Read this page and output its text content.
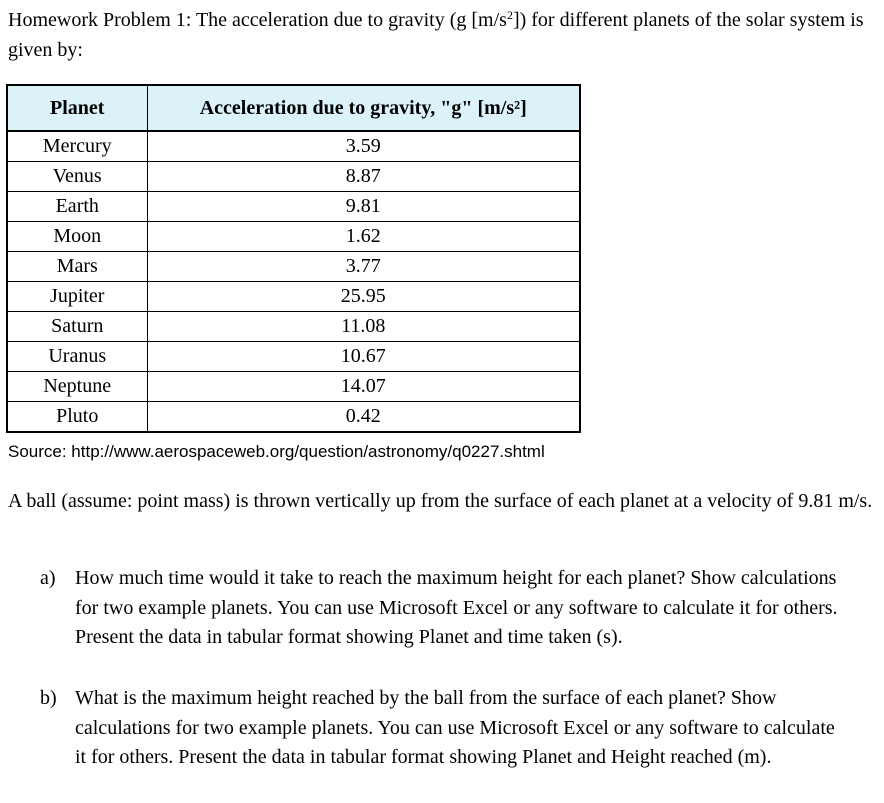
Homework Problem 1: The acceleration due to gravity (g $[m/s^2]$) for different planets of the solar system is given by:

Planet	Acceleration due to gravity, "g" [m/s²]
Mercury	3.59
Venus	8.87
Earth	9.81
Moon	1.62
Mars	3.77
Jupiter	25.95
Saturn	11.08
Uranus	10.67
Neptune	14.07
Pluto	0.42
Source: http://www.aerospaceweb.org/question/astronomy/q0227.shtml

A ball (assume: point mass) is thrown vertically up from the surface of each planet at a velocity of 9.81 m/s.

a) How much time would it take to reach the maximum height for each planet? Show calculations for two example planets. You can use Microsoft Excel or any software to calculate it for others. Present the data in tabular format showing Planet and time taken (s).
b) What is the maximum height reached by the ball from the surface of each planet? Show calculations for two example planets. You can use Microsoft Excel or any software to calculate it for others. Present the data in tabular format showing Planet and Height reached (m).
